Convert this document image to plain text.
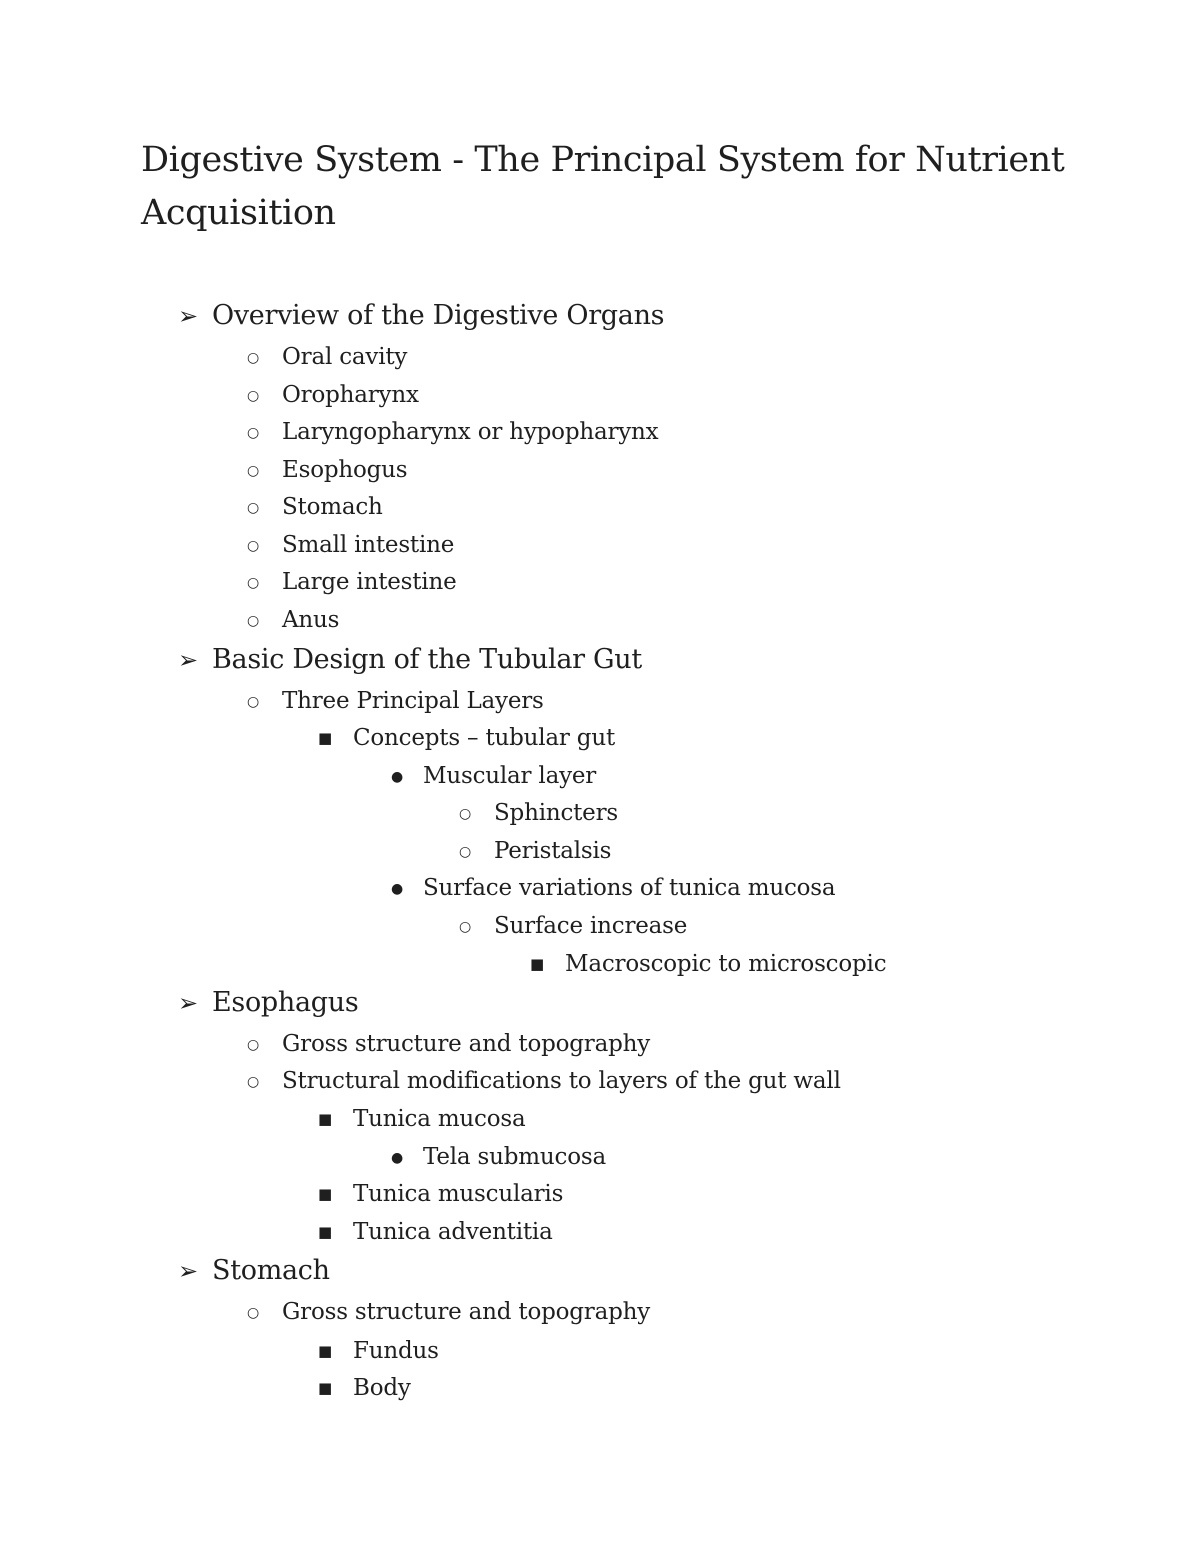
Digestive System - The Principal System for Nutrient Acquisition
➢ Overview of the Digestive Organs
○ Oral cavity
○ Oropharynx
○ Laryngopharynx or hypopharynx
○ Esophogus
○ Stomach
○ Small intestine
○ Large intestine
○ Anus
➢ Basic Design of the Tubular Gut
○ Three Principal Layers
■ Concepts – tubular gut
● Muscular layer
○ Sphincters
○ Peristalsis
● Surface variations of tunica mucosa
○ Surface increase
■ Macroscopic to microscopic
➢ Esophagus
○ Gross structure and topography
○ Structural modifications to layers of the gut wall
■ Tunica mucosa
● Tela submucosa
■ Tunica muscularis
■ Tunica adventitia
➢ Stomach
○ Gross structure and topography
■ Fundus
■ Body
